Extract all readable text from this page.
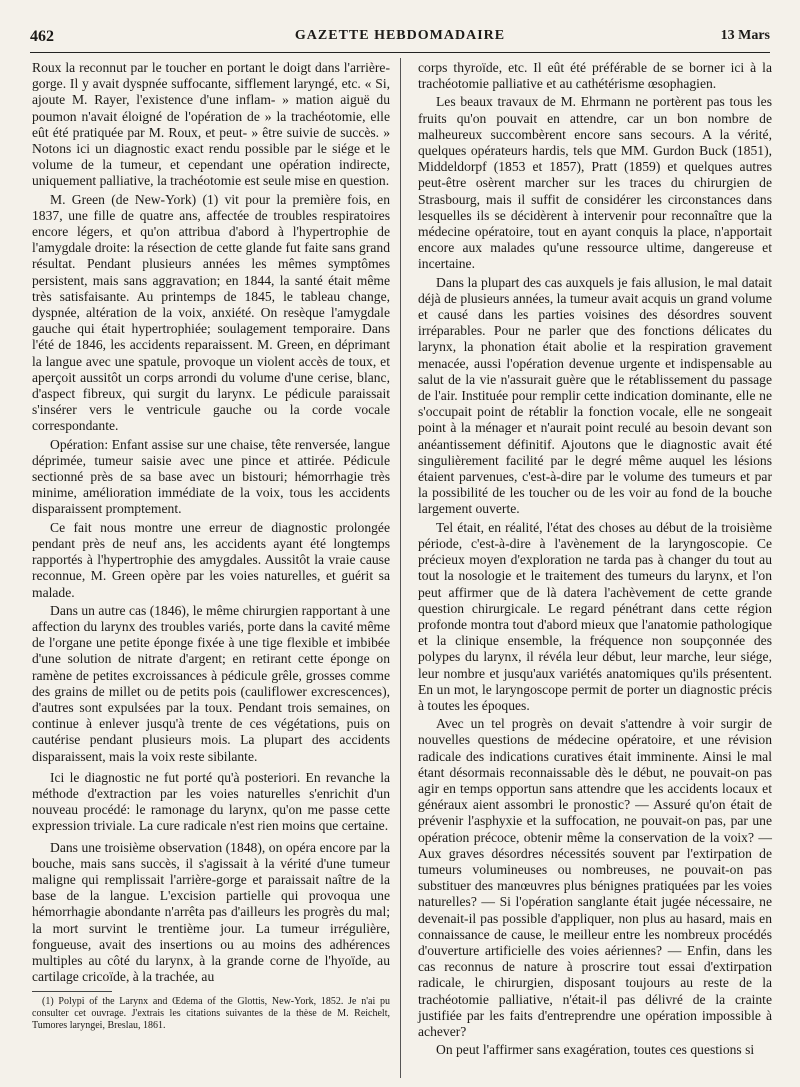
462	GAZETTE HEBDOMADAIRE	13 Mars

Roux la reconnut par le toucher en portant le doigt dans l'arrière-gorge. Il y avait dyspnée suffocante, sifflement laryngé, etc. « Si, ajoute M. Rayer, l'existence d'une inflam- » mation aiguë du poumon n'avait éloigné de l'opération de » la trachéotomie, elle eût été pratiquée par M. Roux, et peut- » être suivie de succès. » Notons ici un diagnostic exact rendu possible par le siége et le volume de la tumeur, et cependant une opération indirecte, uniquement palliative, la trachéotomie est seule mise en question.

M. Green (de New-York) (1) vit pour la première fois, en 1837, une fille de quatre ans, affectée de troubles respiratoires encore légers, et qu'on attribua d'abord à l'hypertrophie de l'amygdale droite: la résection de cette glande fut faite sans grand résultat. Pendant plusieurs années les mêmes symptômes persistent, mais sans aggravation; en 1844, la santé était même très satisfaisante. Au printemps de 1845, le tableau change, dyspnée, altération de la voix, anxiété. On resèque l'amygdale gauche qui était hypertrophiée; soulagement temporaire. Dans l'été de 1846, les accidents reparaissent. M. Green, en déprimant la langue avec une spatule, provoque un violent accès de toux, et aperçoit aussitôt un corps arrondi du volume d'une cerise, blanc, d'aspect fibreux, qui surgit du larynx. Le pédicule paraissait s'insérer vers le ventricule gauche ou la corde vocale correspondante.

Opération: Enfant assise sur une chaise, tête renversée, langue déprimée, tumeur saisie avec une pince et attirée. Pédicule sectionné près de sa base avec un bistouri; hémorrhagie très minime, amélioration immédiate de la voix, tous les accidents disparaissent promptement.

Ce fait nous montre une erreur de diagnostic prolongée pendant près de neuf ans, les accidents ayant été longtemps rapportés à l'hypertrophie des amygdales. Aussitôt la vraie cause reconnue, M. Green opère par les voies naturelles, et guérit sa malade.

Dans un autre cas (1846), le même chirurgien rapportant à une affection du larynx des troubles variés, porte dans la cavité même de l'organe une petite éponge fixée à une tige flexible et imbibée d'une solution de nitrate d'argent; en retirant cette éponge on ramène de petites excroissances à pédicule grêle, grosses comme des grains de millet ou de petits pois (cauliflower excrescences), d'autres sont expulsées par la toux. Pendant trois semaines, on continue à enlever jusqu'à trente de ces végétations, puis on cautérise pendant plusieurs mois. La plupart des accidents disparaissent, mais la voix reste sibilante.

Ici le diagnostic ne fut porté qu'à posteriori. En revanche la méthode d'extraction par les voies naturelles s'enrichit d'un nouveau procédé: le ramonage du larynx, qu'on me passe cette expression triviale. La cure radicale n'est rien moins que certaine.

Dans une troisième observation (1848), on opéra encore par la bouche, mais sans succès, il s'agissait à la vérité d'une tumeur maligne qui remplissait l'arrière-gorge et paraissait naître de la base de la langue. L'excision partielle qui provoqua une hémorrhagie abondante n'arrêta pas d'ailleurs les progrès du mal; la mort survint le trentième jour. La tumeur irrégulière, fongueuse, avait des insertions ou au moins des adhérences multiples au côté du larynx, à la grande corne de l'hyoïde, au cartilage cricoïde, à la trachée, au

(1) Polypi of the Larynx and Œdema of the Glottis, New-York, 1852. Je n'ai pu consulter cet ouvrage. J'extrais les citations suivantes de la thèse de M. Reichelt, Tumores laryngei, Breslau, 1861.

corps thyroïde, etc. Il eût été préférable de se borner ici à la trachéotomie palliative et au cathétérisme œsophagien.

Les beaux travaux de M. Ehrmann ne portèrent pas tous les fruits qu'on pouvait en attendre, car un bon nombre de malheureux succombèrent encore sans secours. A la vérité, quelques opérateurs hardis, tels que MM. Gurdon Buck (1851), Middeldorpf (1853 et 1857), Pratt (1859) et quelques autres peut-être osèrent marcher sur les traces du chirurgien de Strasbourg, mais il suffit de considérer les circonstances dans lesquelles ils se décidèrent à intervenir pour reconnaître que la médecine opératoire, tout en ayant conquis la place, n'apportait encore aux malades qu'une ressource ultime, dangereuse et incertaine.

Dans la plupart des cas auxquels je fais allusion, le mal datait déjà de plusieurs années, la tumeur avait acquis un grand volume et causé dans les parties voisines des désordres souvent irréparables. Pour ne parler que des fonctions délicates du larynx, la phonation était abolie et la respiration gravement menacée, aussi l'opération devenue urgente et indispensable au salut de la vie n'assurait guère que le rétablissement du passage de l'air. Instituée pour remplir cette indication dominante, elle ne s'occupait point de rétablir la fonction vocale, elle ne songeait point à la ménager et n'aurait point reculé au besoin devant son anéantissement définitif. Ajoutons que le diagnostic avait été singulièrement facilité par le degré même auquel les lésions étaient parvenues, c'est-à-dire par le volume des tumeurs et par la possibilité de les toucher ou de les voir au fond de la bouche largement ouverte.

Tel était, en réalité, l'état des choses au début de la troisième période, c'est-à-dire à l'avènement de la laryngoscopie. Ce précieux moyen d'exploration ne tarda pas à changer du tout au tout la nosologie et le traitement des tumeurs du larynx, et l'on peut affirmer que de là datera l'achèvement de cette grande question chirurgicale. Le regard pénétrant dans cette région profonde montra tout d'abord mieux que l'anatomie pathologique et la clinique ensemble, la fréquence non soupçonnée des polypes du larynx, il révéla leur début, leur marche, leur siége, leur nombre et jusqu'aux variétés anatomiques qu'ils présentent. En un mot, le laryngoscope permit de porter un diagnostic précis à toutes les époques.

Avec un tel progrès on devait s'attendre à voir surgir de nouvelles questions de médecine opératoire, et une révision radicale des indications curatives était imminente. Ainsi le mal étant désormais reconnaissable dès le début, ne pouvait-on pas agir en temps opportun sans attendre que les accidents locaux et généraux aient assombri le pronostic? — Assuré qu'on était de prévenir l'asphyxie et la suffocation, ne pouvait-on pas, par une opération précoce, obtenir même la conservation de la voix? — Aux graves désordres nécessités souvent par l'extirpation de tumeurs volumineuses ou nombreuses, ne pouvait-on pas substituer des manœuvres plus bénignes pratiquées par les voies naturelles? — Si l'opération sanglante était jugée nécessaire, ne devenait-il pas possible d'appliquer, non plus au hasard, mais en connaissance de cause, le meilleur entre les nombreux procédés d'ouverture artificielle des voies aériennes? — Enfin, dans les cas reconnus de nature à proscrire tout essai d'extirpation radicale, le chirurgien, disposant toujours au reste de la trachéotomie palliative, n'était-il pas délivré de la crainte justifiée par les faits d'entreprendre une opération impossible à achever?

On peut l'affirmer sans exagération, toutes ces questions si
